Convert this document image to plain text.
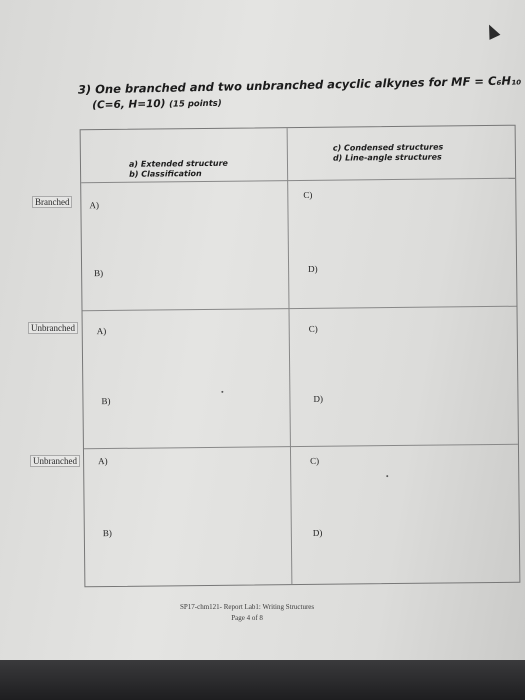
3) One branched and two unbranched acyclic alkynes for MF = C₆H₁₀
(C=6, H=10) (15 points)
a) Extended structure
b) Classification
c) Condensed structures
d) Line-angle structures
A)
B)
C)
D)
A)
B)
C)
D)
A)
B)
C)
D)
Branched
Unbranched
Unbranched
SP17-chm121- Report Lab1: Writing Structures
Page 4 of 8
